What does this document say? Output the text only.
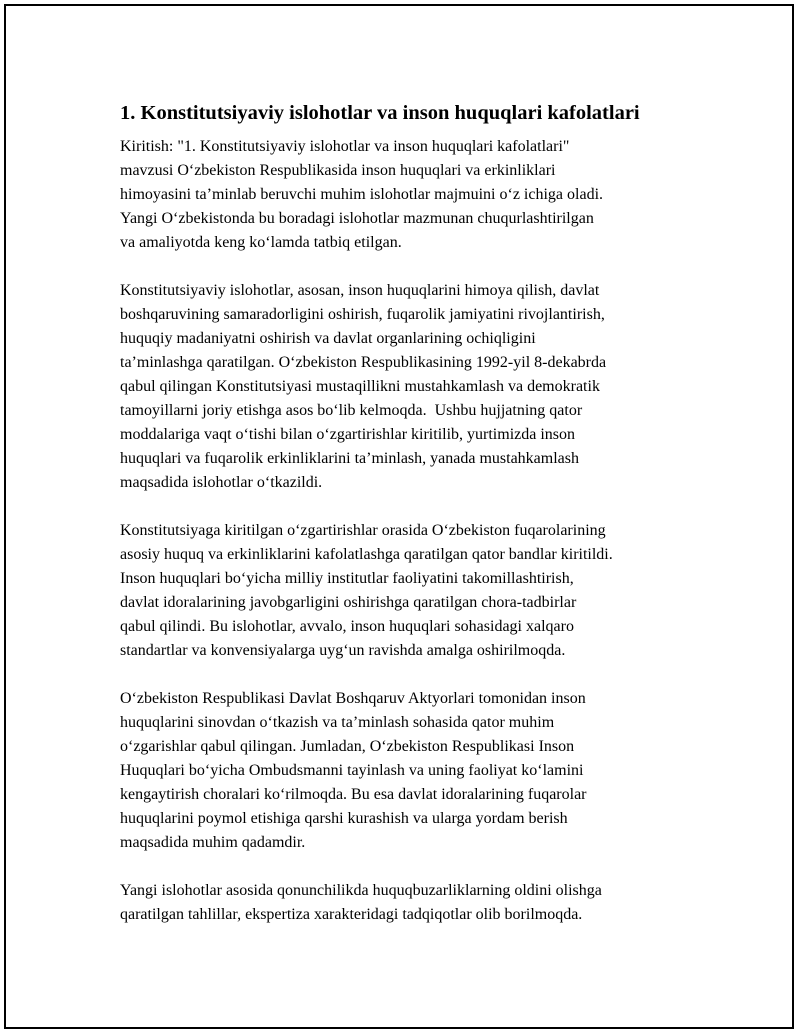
1. Konstitutsiyaviy islohotlar va inson huquqlari kafolatlari

Kiritish: "1. Konstitutsiyaviy islohotlar va inson huquqlari kafolatlari"
mavzusi O‘zbekiston Respublikasida inson huquqlari va erkinliklari
himoyasini ta’minlab beruvchi muhim islohotlar majmuini o‘z ichiga oladi.
Yangi O‘zbekistonda bu boradagi islohotlar mazmunan chuqurlashtirilgan
va amaliyotda keng ko‘lamda tatbiq etilgan.

Konstitutsiyaviy islohotlar, asosan, inson huquqlarini himoya qilish, davlat
boshqaruvining samaradorligini oshirish, fuqarolik jamiyatini rivojlantirish,
huquqiy madaniyatni oshirish va davlat organlarining ochiqligini
ta’minlashga qaratilgan. O‘zbekiston Respublikasining 1992-yil 8-dekabrda
qabul qilingan Konstitutsiyasi mustaqillikni mustahkamlash va demokratik
tamoyillarni joriy etishga asos bo‘lib kelmoqda.  Ushbu hujjatning qator
moddalariga vaqt o‘tishi bilan o‘zgartirishlar kiritilib, yurtimizda inson
huquqlari va fuqarolik erkinliklarini ta’minlash, yanada mustahkamlash
maqsadida islohotlar o‘tkazildi.

Konstitutsiyaga kiritilgan o‘zgartirishlar orasida O‘zbekiston fuqarolarining
asosiy huquq va erkinliklarini kafolatlashga qaratilgan qator bandlar kiritildi.
Inson huquqlari bo‘yicha milliy institutlar faoliyatini takomillashtirish,
davlat idoralarining javobgarligini oshirishga qaratilgan chora-tadbirlar
qabul qilindi. Bu islohotlar, avvalo, inson huquqlari sohasidagi xalqaro
standartlar va konvensiyalarga uyg‘un ravishda amalga oshirilmoqda.

O‘zbekiston Respublikasi Davlat Boshqaruv Aktyorlari tomonidan inson
huquqlarini sinovdan o‘tkazish va ta’minlash sohasida qator muhim
o‘zgarishlar qabul qilingan. Jumladan, O‘zbekiston Respublikasi Inson
Huquqlari bo‘yicha Ombudsmanni tayinlash va uning faoliyat ko‘lamini
kengaytirish choralari ko‘rilmoqda. Bu esa davlat idoralarining fuqarolar
huquqlarini poymol etishiga qarshi kurashish va ularga yordam berish
maqsadida muhim qadamdir.

Yangi islohotlar asosida qonunchilikda huquqbuzarliklarning oldini olishga
qaratilgan tahlillar, ekspertiza xarakteridagi tadqiqotlar olib borilmoqda.
